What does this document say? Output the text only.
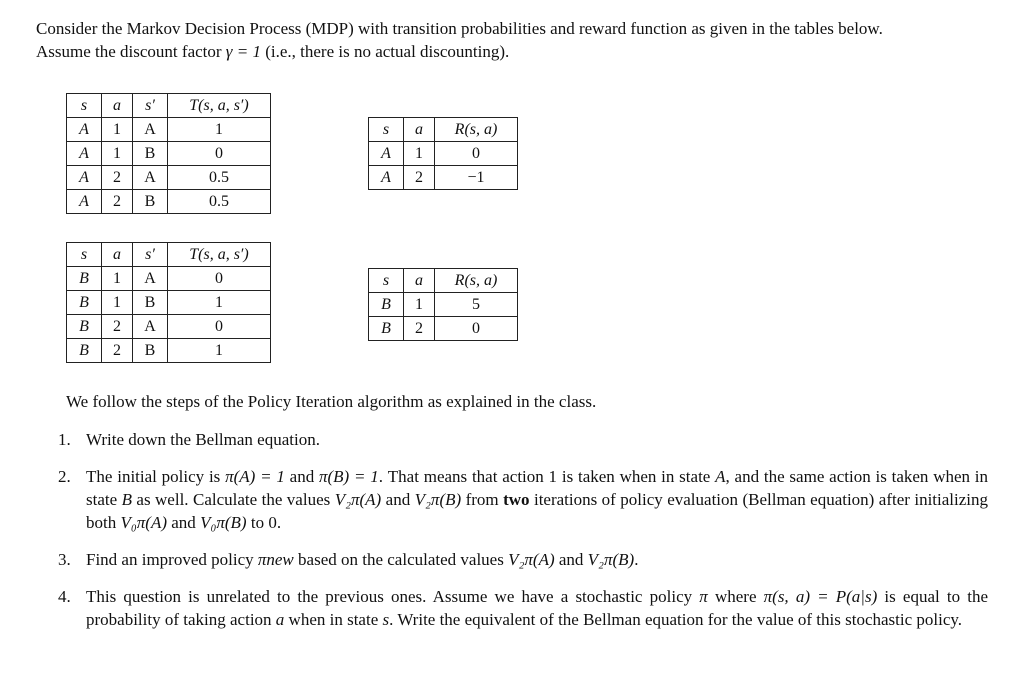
Consider the Markov Decision Process (MDP) with transition probabilities and reward function as given in the tables below.
Assume the discount factor γ = 1 (i.e., there is no actual discounting).
s	a	s′	T(s, a, s′)
A	1	A	1
A	1	B	0
A	2	A	0.5
A	2	B	0.5
s	a	R(s, a)
A	1	0
A	2	−1
s	a	s′	T(s, a, s′)
B	1	A	0
B	1	B	1
B	2	A	0
B	2	B	1
s	a	R(s, a)
B	1	5
B	2	0
We follow the steps of the Policy Iteration algorithm as explained in the class.
1. Write down the Bellman equation.
2. The initial policy is π(A) = 1 and π(B) = 1. That means that action 1 is taken when in state A, and the same action is taken when in state B as well. Calculate the values V₂π(A) and V₂π(B) from two iterations of policy evaluation (Bellman equation) after initializing both V₀π(A) and V₀π(B) to 0.
3. Find an improved policy πnew based on the calculated values V₂π(A) and V₂π(B).
4. This question is unrelated to the previous ones. Assume we have a stochastic policy π where π(s, a) = P(a|s) is equal to the probability of taking action a when in state s. Write the equivalent of the Bellman equation for the value of this stochastic policy.
